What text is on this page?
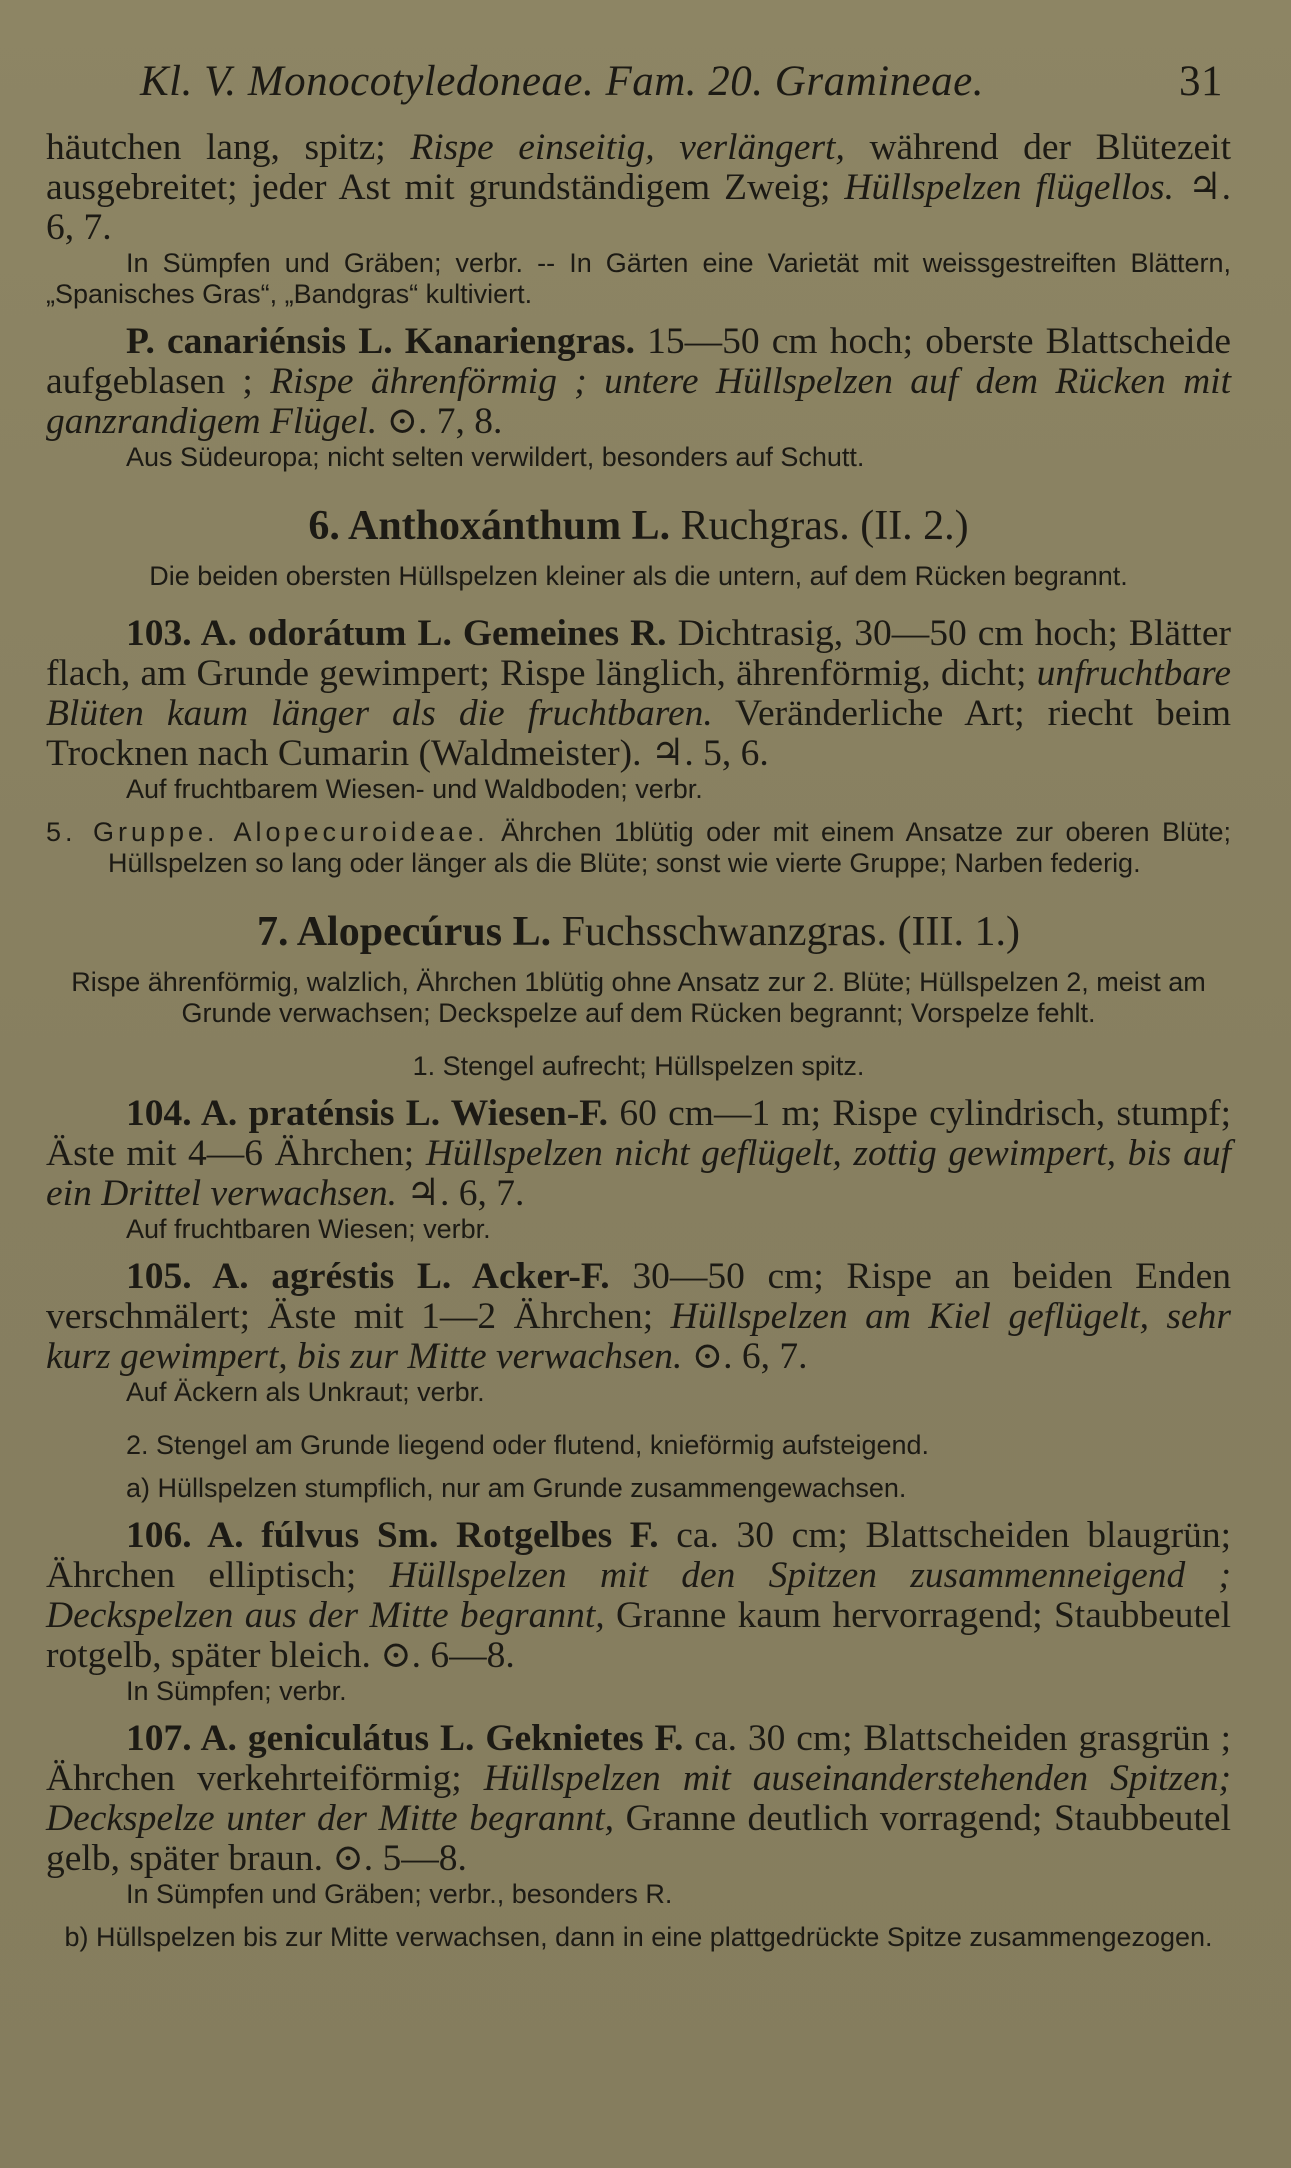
Kl. V. Monocotyledoneae. Fam. 20. Gramineae.	31

häutchen lang, spitz; Rispe einseitig, verlängert, während der Blütezeit ausgebreitet; jeder Ast mit grundständigem Zweig; Hüllspelzen flügellos. ♃. 6, 7.

In Sümpfen und Gräben; verbr. -- In Gärten eine Varietät mit weissgestreiften Blättern, „Spanisches Gras“, „Bandgras“ kultiviert.

P. canariénsis L. Kanariengras. 15—50 cm hoch; oberste Blattscheide aufgeblasen ; Rispe ährenförmig ; untere Hüllspelzen auf dem Rücken mit ganzrandigem Flügel. ⊙. 7, 8.

Aus Südeuropa; nicht selten verwildert, besonders auf Schutt.

6. Anthoxánthum L. Ruchgras. (II. 2.)

Die beiden obersten Hüllspelzen kleiner als die untern, auf dem Rücken begrannt.

103. A. odorátum L. Gemeines R. Dichtrasig, 30—50 cm hoch; Blätter flach, am Grunde gewimpert; Rispe länglich, ährenförmig, dicht; unfruchtbare Blüten kaum länger als die fruchtbaren. Veränderliche Art; riecht beim Trocknen nach Cumarin (Waldmeister). ♃. 5, 6.

Auf fruchtbarem Wiesen- und Waldboden; verbr.

5. Gruppe. Alopecuroideae. Ährchen 1blütig oder mit einem Ansatze zur oberen Blüte; Hüllspelzen so lang oder länger als die Blüte; sonst wie vierte Gruppe; Narben federig.

7. Alopecúrus L. Fuchsschwanzgras. (III. 1.)

Rispe ährenförmig, walzlich, Ährchen 1blütig ohne Ansatz zur 2. Blüte; Hüllspelzen 2, meist am Grunde verwachsen; Deckspelze auf dem Rücken begrannt; Vorspelze fehlt.

1. Stengel aufrecht; Hüllspelzen spitz.

104. A. praténsis L. Wiesen-F. 60 cm—1 m; Rispe cylindrisch, stumpf; Äste mit 4—6 Ährchen; Hüllspelzen nicht geflügelt, zottig gewimpert, bis auf ein Drittel verwachsen. ♃. 6, 7.

Auf fruchtbaren Wiesen; verbr.

105. A. agréstis L. Acker-F. 30—50 cm; Rispe an beiden Enden verschmälert; Äste mit 1—2 Ährchen; Hüllspelzen am Kiel geflügelt, sehr kurz gewimpert, bis zur Mitte verwachsen. ⊙. 6, 7.

Auf Äckern als Unkraut; verbr.

2. Stengel am Grunde liegend oder flutend, knieförmig aufsteigend.

a) Hüllspelzen stumpflich, nur am Grunde zusammengewachsen.

106. A. fúlvus Sm. Rotgelbes F. ca. 30 cm; Blattscheiden blaugrün; Ährchen elliptisch; Hüllspelzen mit den Spitzen zusammenneigend ; Deckspelzen aus der Mitte begrannt, Granne kaum hervorragend; Staubbeutel rotgelb, später bleich. ⊙. 6—8.

In Sümpfen; verbr.

107. A. geniculátus L. Geknietes F. ca. 30 cm; Blattscheiden grasgrün ; Ährchen verkehrteiförmig; Hüllspelzen mit auseinanderstehenden Spitzen; Deckspelze unter der Mitte begrannt, Granne deutlich vorragend; Staubbeutel gelb, später braun. ⊙. 5—8.

In Sümpfen und Gräben; verbr., besonders R.

b) Hüllspelzen bis zur Mitte verwachsen, dann in eine plattgedrückte Spitze zusammengezogen.
